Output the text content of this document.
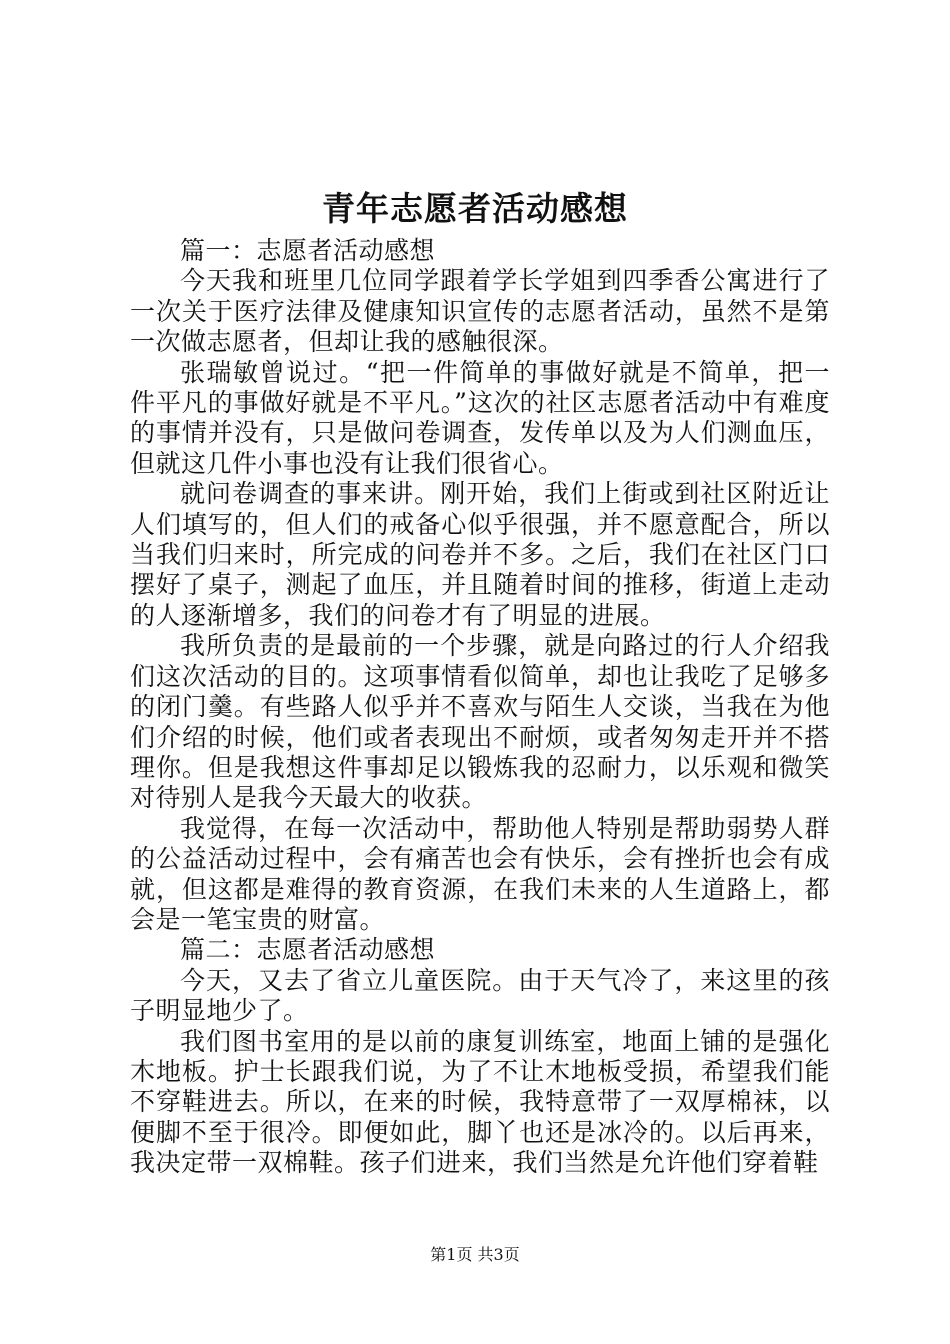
青年志愿者活动感想

篇一：志愿者活动感想

今天我和班里几位同学跟着学长学姐到四季香公寓进行了一次关于医疗法律及健康知识宣传的志愿者活动，虽然不是第一次做志愿者，但却让我的感触很深。

张瑞敏曾说过。“把一件简单的事做好就是不简单，把一件平凡的事做好就是不平凡。”这次的社区志愿者活动中有难度的事情并没有，只是做问卷调查，发传单以及为人们测血压，但就这几件小事也没有让我们很省心。

就问卷调查的事来讲。刚开始，我们上街或到社区附近让人们填写的，但人们的戒备心似乎很强，并不愿意配合，所以当我们归来时，所完成的问卷并不多。之后，我们在社区门口摆好了桌子，测起了血压，并且随着时间的推移，街道上走动的人逐渐增多，我们的问卷才有了明显的进展。

我所负责的是最前的一个步骤，就是向路过的行人介绍我们这次活动的目的。这项事情看似简单，却也让我吃了足够多的闭门羹。有些路人似乎并不喜欢与陌生人交谈，当我在为他们介绍的时候，他们或者表现出不耐烦，或者匆匆走开并不搭理你。但是我想这件事却足以锻炼我的忍耐力，以乐观和微笑对待别人是我今天最大的收获。

我觉得，在每一次活动中，帮助他人特别是帮助弱势人群的公益活动过程中，会有痛苦也会有快乐，会有挫折也会有成就，但这都是难得的教育资源，在我们未来的人生道路上，都会是一笔宝贵的财富。

篇二：志愿者活动感想

今天，又去了省立儿童医院。由于天气冷了，来这里的孩子明显地少了。

我们图书室用的是以前的康复训练室，地面上铺的是强化木地板。护士长跟我们说，为了不让木地板受损，希望我们能不穿鞋进去。所以，在来的时候，我特意带了一双厚棉袜，以便脚不至于很冷。即便如此，脚丫也还是冰冷的。以后再来，我决定带一双棉鞋。孩子们进来，我们当然是允许他们穿着鞋

第1页 共3页
